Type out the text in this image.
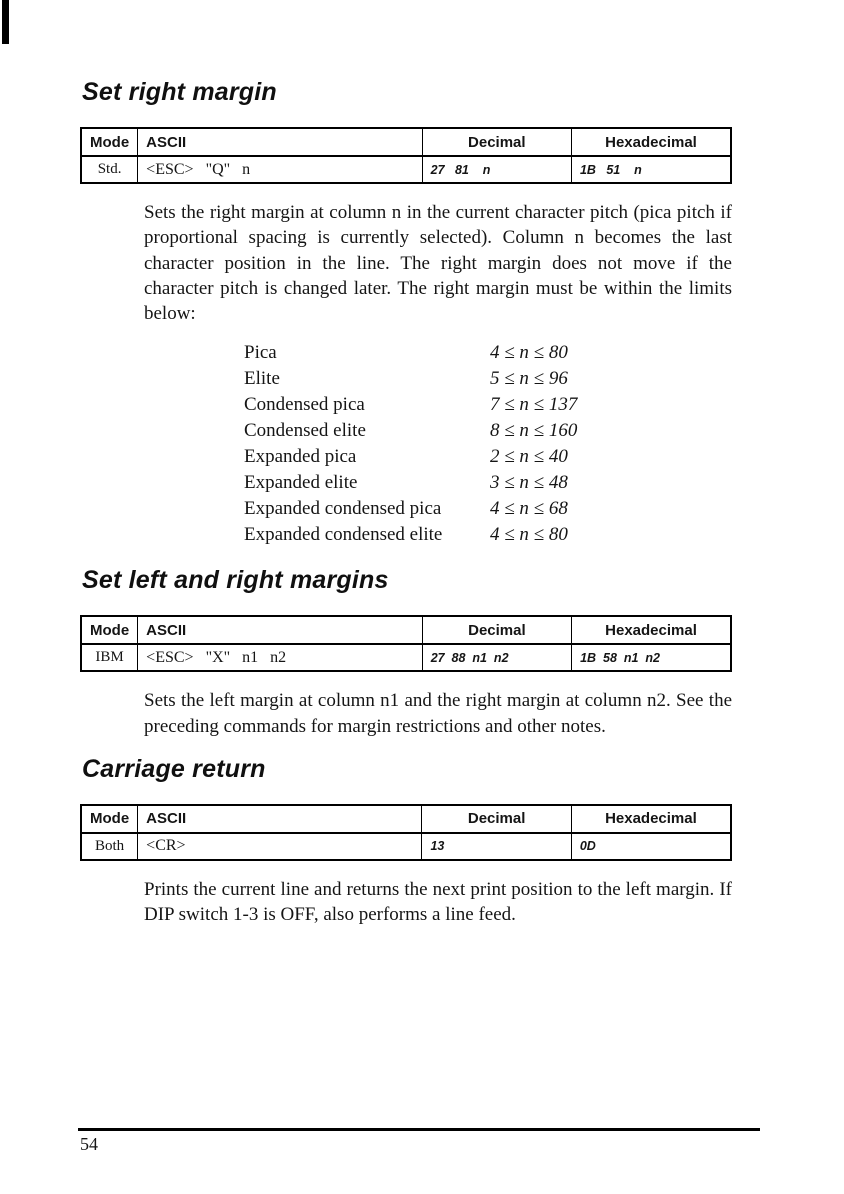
Set right margin
Mode	ASCII	Decimal	Hexadecimal
Std.	<ESC>   "Q"   n	27   81    n	1B   51    n

Sets the right margin at column n in the current character pitch (pica pitch if proportional spacing is currently selected). Column n becomes the last character position in the line. The right margin does not move if the character pitch is changed later. The right margin must be within the limits below:

Pica	4 ≤ n ≤ 80
Elite	5 ≤ n ≤ 96
Condensed pica	7 ≤ n ≤ 137
Condensed elite	8 ≤ n ≤ 160
Expanded pica	2 ≤ n ≤ 40
Expanded elite	3 ≤ n ≤ 48
Expanded condensed pica	4 ≤ n ≤ 68
Expanded condensed elite	4 ≤ n ≤ 80
Set left and right margins
Mode	ASCII	Decimal	Hexadecimal
IBM	<ESC>   "X"   n1   n2	27  88  n1  n2	1B  58  n1  n2

Sets the left margin at column n1 and the right margin at column n2. See the preceding commands for margin restrictions and other notes.

Carriage return
Mode	ASCII	Decimal	Hexadecimal
Both	<CR>	13	0D

Prints the current line and returns the next print position to the left margin. If DIP switch 1-3 is OFF, also performs a line feed.

54
